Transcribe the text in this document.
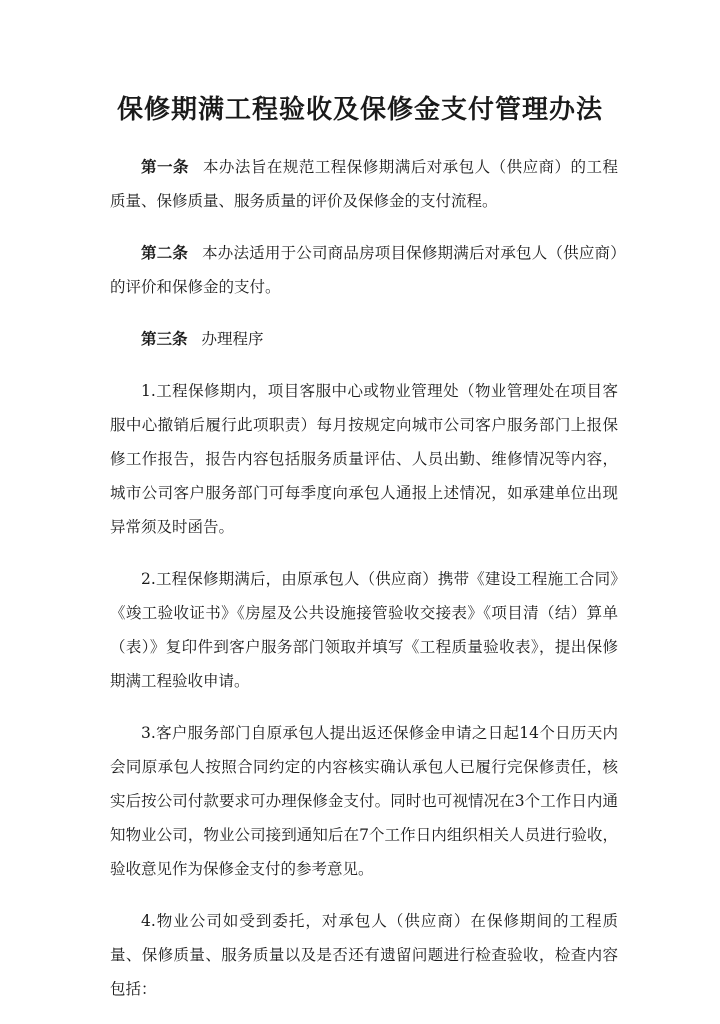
保修期满工程验收及保修金支付管理办法

第一条 本办法旨在规范工程保修期满后对承包人（供应商）的工程质量、保修质量、服务质量的评价及保修金的支付流程。

第二条 本办法适用于公司商品房项目保修期满后对承包人（供应商）的评价和保修金的支付。

第三条 办理程序

1.工程保修期内，项目客服中心或物业管理处（物业管理处在项目客服中心撤销后履行此项职责）每月按规定向城市公司客户服务部门上报保修工作报告，报告内容包括服务质量评估、人员出勤、维修情况等内容，城市公司客户服务部门可每季度向承包人通报上述情况，如承建单位出现异常须及时函告。

2.工程保修期满后，由原承包人（供应商）携带《建设工程施工合同》《竣工验收证书》《房屋及公共设施接管验收交接表》《项目清（结）算单（表）》复印件到客户服务部门领取并填写《工程质量验收表》，提出保修期满工程验收申请。

3.客户服务部门自原承包人提出返还保修金申请之日起14个日历天内会同原承包人按照合同约定的内容核实确认承包人已履行完保修责任，核实后按公司付款要求可办理保修金支付。同时也可视情况在3个工作日内通知物业公司，物业公司接到通知后在7个工作日内组织相关人员进行验收，验收意见作为保修金支付的参考意见。

4.物业公司如受到委托，对承包人（供应商）在保修期间的工程质量、保修质量、服务质量以及是否还有遗留问题进行检查验收，检查内容包括：
